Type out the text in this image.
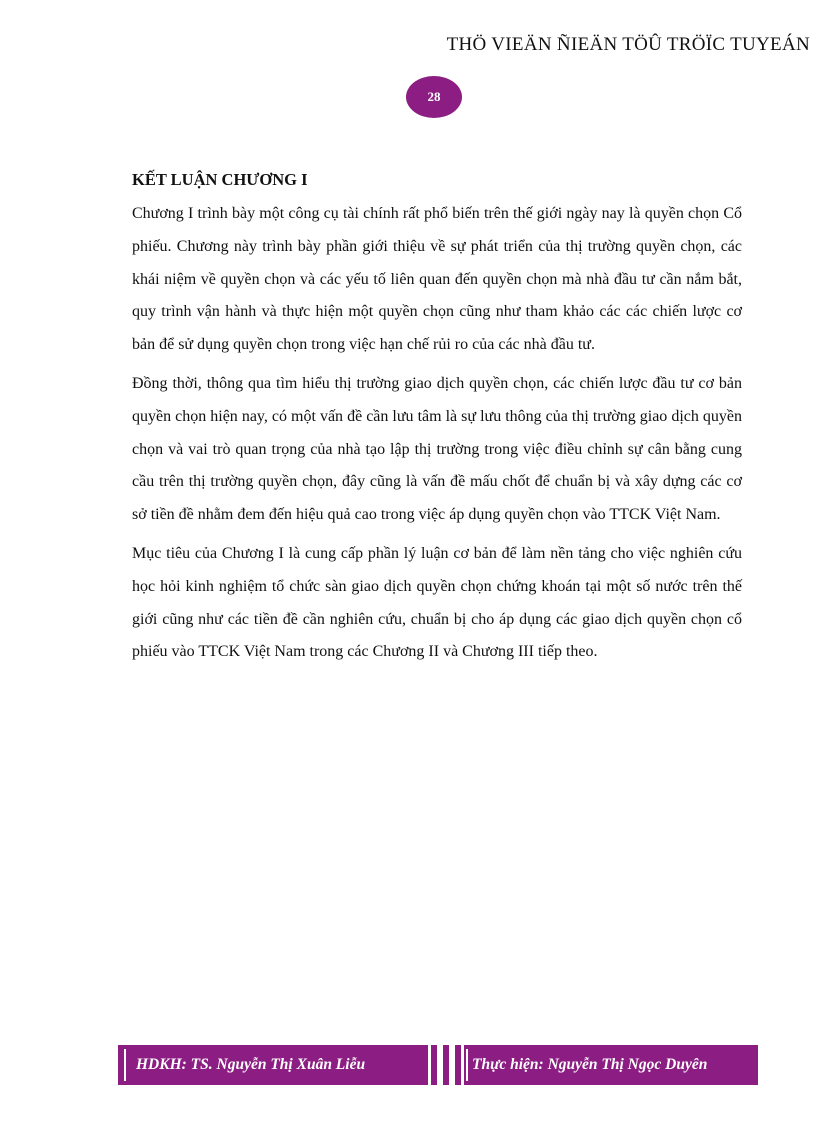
THÖ VIEÄN ÑIEÄN TÖÛ TRÖÏC TUYEÁN
28
KẾT LUẬN CHƯƠNG I

Chương I trình bày một công cụ tài chính rất phổ biến trên thế giới ngày nay là quyền chọn Cổ phiếu. Chương này trình bày phần giới thiệu về sự phát triển của thị trường quyền chọn, các khái niệm về quyền chọn và các yếu tố liên quan đến quyền chọn mà nhà đầu tư cần nắm bắt, quy trình vận hành và thực hiện một quyền chọn cũng như tham khảo các các chiến lược cơ bản để sử dụng quyền chọn trong việc hạn chế rủi ro của các nhà đầu tư.

Đồng thời, thông qua tìm hiểu thị trường giao dịch quyền chọn, các chiến lược đầu tư cơ bản quyền chọn hiện nay, có một vấn đề cần lưu tâm là sự lưu thông của thị trường giao dịch quyền chọn và vai trò quan trọng của nhà tạo lập thị trường trong việc điều chỉnh sự cân bằng cung cầu trên thị trường quyền chọn, đây cũng là vấn đề mấu chốt để chuẩn bị và xây dựng các cơ sở tiền đề nhằm đem đến hiệu quả cao trong việc áp dụng quyền chọn vào TTCK Việt Nam.

Mục tiêu của Chương I là cung cấp phần lý luận cơ bản để làm nền tảng cho việc nghiên cứu học hỏi kinh nghiệm tổ chức sàn giao dịch quyền chọn chứng khoán tại một số nước trên thế giới cũng như các tiền đề cần nghiên cứu, chuẩn bị cho áp dụng các giao dịch quyền chọn cổ phiếu vào TTCK Việt Nam trong các Chương II và Chương III tiếp theo.

HDKH: TS. Nguyễn Thị Xuân Liễu	Thực hiện: Nguyễn Thị Ngọc Duyên
